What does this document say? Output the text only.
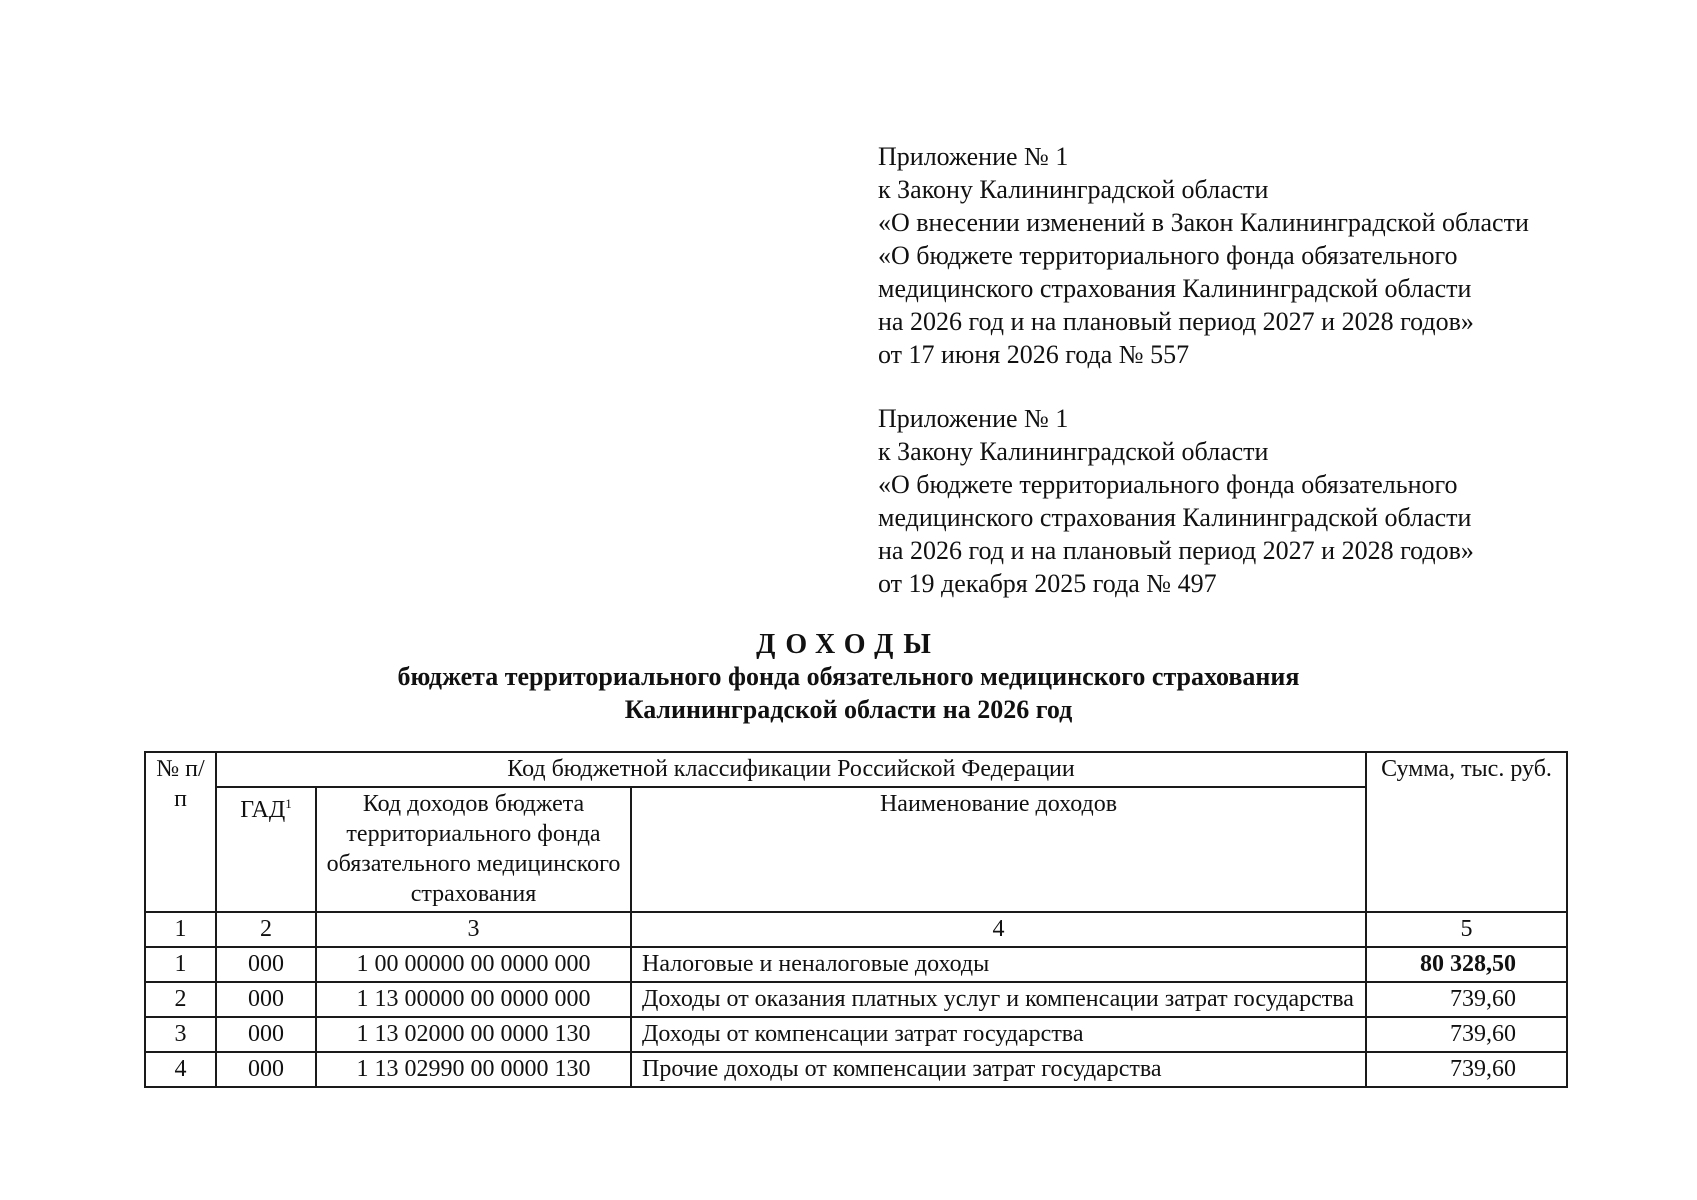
Приложение № 1
к Закону Калининградской области
«О внесении изменений в Закон Калининградской области
«О бюджете территориального фонда обязательного
медицинского страхования Калининградской области
на 2026 год и на плановый период 2027 и 2028 годов»
от 17 июня 2026 года № 557
Приложение № 1
к Закону Калининградской области
«О бюджете территориального фонда обязательного
медицинского страхования Калининградской области
на 2026 год и на плановый период 2027 и 2028 годов»
от 19 декабря 2025 года № 497
ДОХОДЫ
бюджета территориального фонда обязательного медицинского страхования
Калининградской области на 2026 год
№ п/п	Код бюджетной классификации Российской Федерации			Сумма, тыс. руб.
	ГАД$^1$	Код доходов бюджета территориального фонда обязательного медицинского страхования	Наименование доходов	
1	2	3	4	5
1	000	1 00 00000 00 0000 000	Налоговые и неналоговые доходы	80 328,50
2	000	1 13 00000 00 0000 000	Доходы от оказания платных услуг и компенсации затрат государства	739,60
3	000	1 13 02000 00 0000 130	Доходы от компенсации затрат государства	739,60
4	000	1 13 02990 00 0000 130	Прочие доходы от компенсации затрат государства	739,60
